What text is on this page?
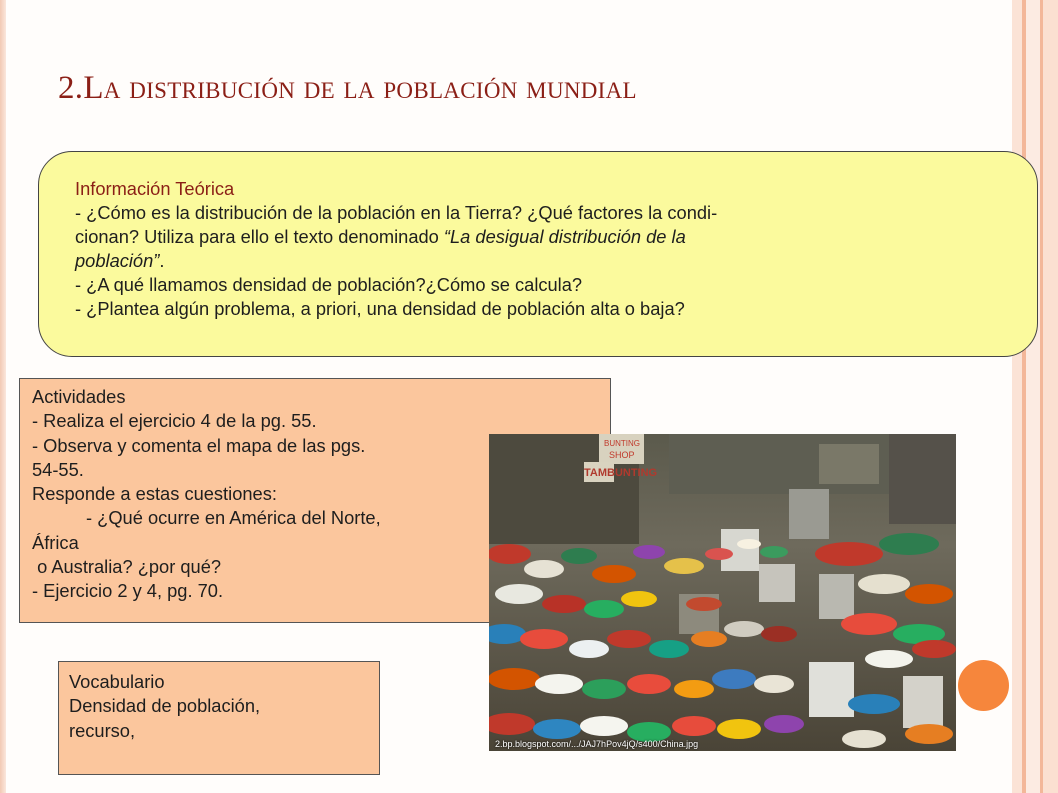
2.La distribución de la población mundial

Información Teórica

- ¿Cómo es la distribución de la población en la Tierra? ¿Qué factores la condi-

cionan? Utiliza para ello el texto denominado “La desigual distribución de la

población”.

- ¿A qué llamamos densidad de población?¿Cómo se calcula?

- ¿Plantea algún problema, a priori, una densidad de población alta o baja?

Actividades

- Realiza el ejercicio 4 de la pg. 55.

- Observa y comenta el mapa de las pgs.

54-55.

Responde a estas cuestiones:

- ¿Qué ocurre en América del Norte,

África

o Australia? ¿por qué?

- Ejercicio 2 y 4, pg. 70.

BUNTING
SHOP
TAMBUNTING
2.bp.blogspot.com/.../JAJ7hPov4jQ/s400/China.jpg

Vocabulario

Densidad de población,

recurso,
